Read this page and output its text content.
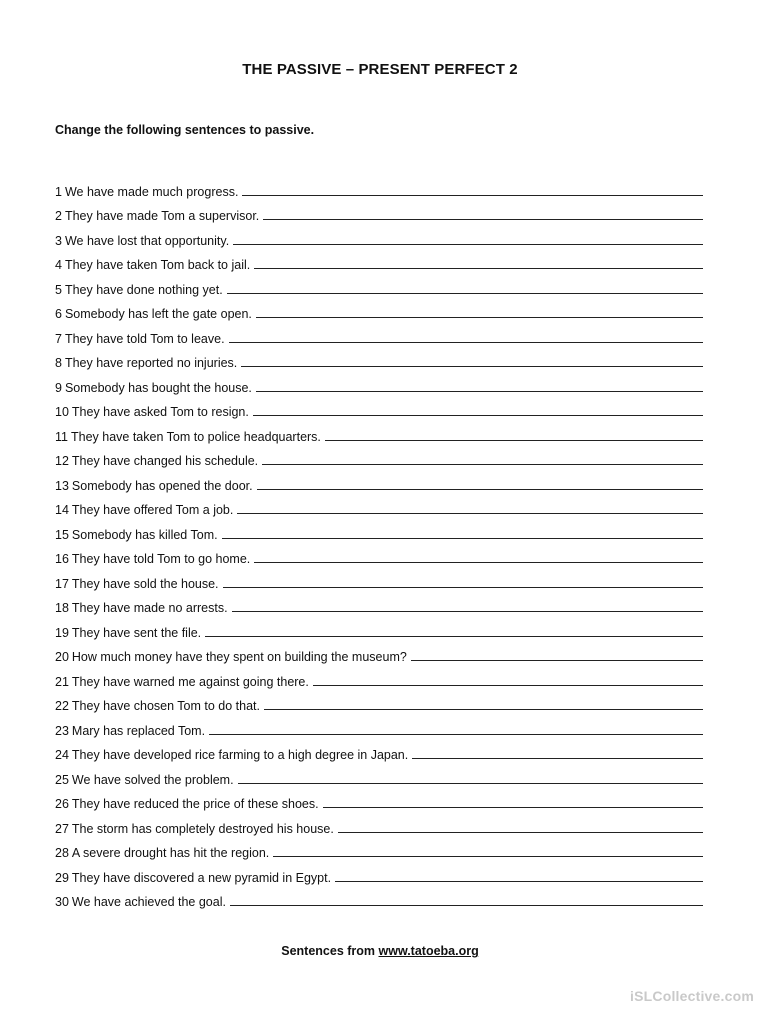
THE PASSIVE – PRESENT PERFECT 2
Change the following sentences to passive.
1 We have made much progress.
2 They have made Tom a supervisor.
3 We have lost that opportunity.
4 They have taken Tom back to jail.
5 They have done nothing yet.
6 Somebody has left the gate open.
7 They have told Tom to leave.
8 They have reported no injuries.
9 Somebody has bought the house.
10 They have asked Tom to resign.
11 They have taken Tom to police headquarters.
12 They have changed his schedule.
13 Somebody has opened the door.
14 They have offered Tom a job.
15 Somebody has killed Tom.
16 They have told Tom to go home.
17 They have sold the house.
18 They have made no arrests.
19 They have sent the file.
20 How much money have they spent on building the museum?
21 They have warned me against going there.
22 They have chosen Tom to do that.
23 Mary has replaced Tom.
24 They have developed rice farming to a high degree in Japan.
25 We have solved the problem.
26 They have reduced the price of these shoes.
27 The storm has completely destroyed his house.
28 A severe drought has hit the region.
29 They have discovered a new pyramid in Egypt.
30 We have achieved the goal.
Sentences from www.tatoeba.org
iSLCollective.com
